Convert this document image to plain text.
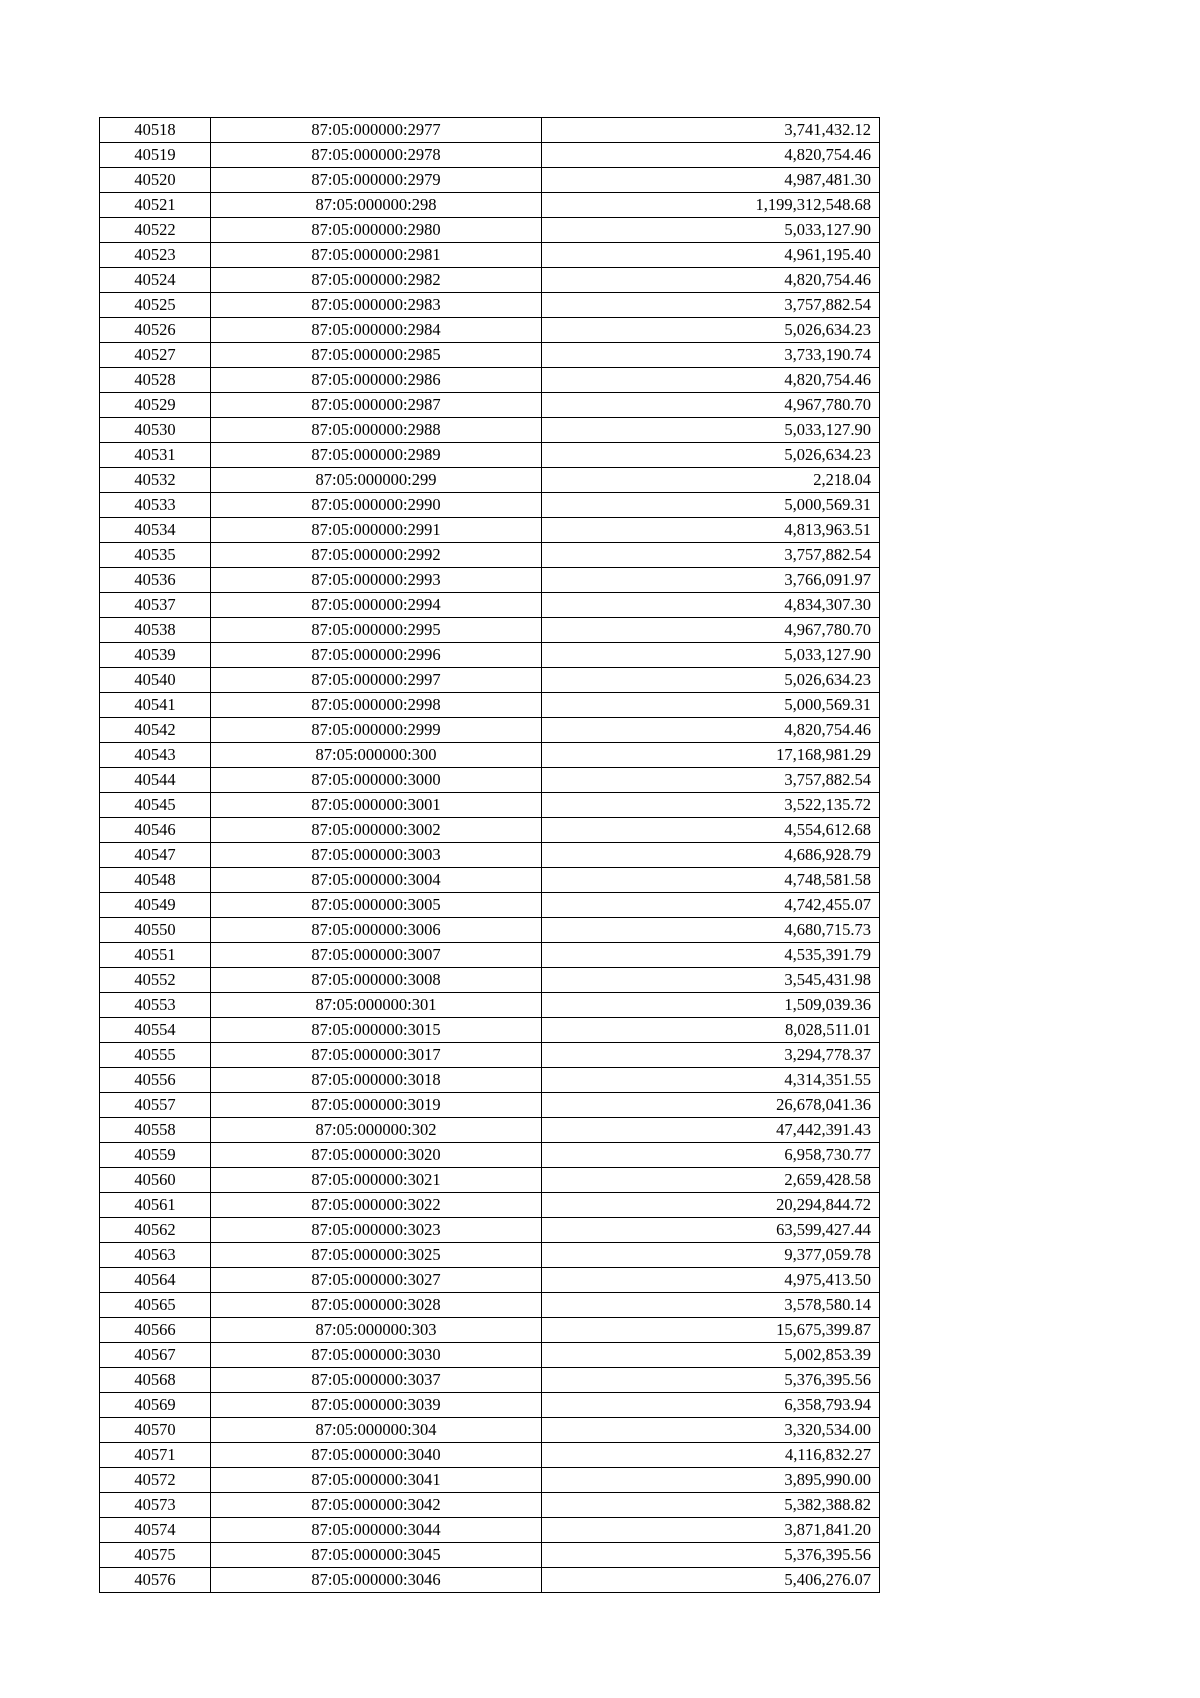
40518	87:05:000000:2977	3,741,432.12
40519	87:05:000000:2978	4,820,754.46
40520	87:05:000000:2979	4,987,481.30
40521	87:05:000000:298	1,199,312,548.68
40522	87:05:000000:2980	5,033,127.90
40523	87:05:000000:2981	4,961,195.40
40524	87:05:000000:2982	4,820,754.46
40525	87:05:000000:2983	3,757,882.54
40526	87:05:000000:2984	5,026,634.23
40527	87:05:000000:2985	3,733,190.74
40528	87:05:000000:2986	4,820,754.46
40529	87:05:000000:2987	4,967,780.70
40530	87:05:000000:2988	5,033,127.90
40531	87:05:000000:2989	5,026,634.23
40532	87:05:000000:299	2,218.04
40533	87:05:000000:2990	5,000,569.31
40534	87:05:000000:2991	4,813,963.51
40535	87:05:000000:2992	3,757,882.54
40536	87:05:000000:2993	3,766,091.97
40537	87:05:000000:2994	4,834,307.30
40538	87:05:000000:2995	4,967,780.70
40539	87:05:000000:2996	5,033,127.90
40540	87:05:000000:2997	5,026,634.23
40541	87:05:000000:2998	5,000,569.31
40542	87:05:000000:2999	4,820,754.46
40543	87:05:000000:300	17,168,981.29
40544	87:05:000000:3000	3,757,882.54
40545	87:05:000000:3001	3,522,135.72
40546	87:05:000000:3002	4,554,612.68
40547	87:05:000000:3003	4,686,928.79
40548	87:05:000000:3004	4,748,581.58
40549	87:05:000000:3005	4,742,455.07
40550	87:05:000000:3006	4,680,715.73
40551	87:05:000000:3007	4,535,391.79
40552	87:05:000000:3008	3,545,431.98
40553	87:05:000000:301	1,509,039.36
40554	87:05:000000:3015	8,028,511.01
40555	87:05:000000:3017	3,294,778.37
40556	87:05:000000:3018	4,314,351.55
40557	87:05:000000:3019	26,678,041.36
40558	87:05:000000:302	47,442,391.43
40559	87:05:000000:3020	6,958,730.77
40560	87:05:000000:3021	2,659,428.58
40561	87:05:000000:3022	20,294,844.72
40562	87:05:000000:3023	63,599,427.44
40563	87:05:000000:3025	9,377,059.78
40564	87:05:000000:3027	4,975,413.50
40565	87:05:000000:3028	3,578,580.14
40566	87:05:000000:303	15,675,399.87
40567	87:05:000000:3030	5,002,853.39
40568	87:05:000000:3037	5,376,395.56
40569	87:05:000000:3039	6,358,793.94
40570	87:05:000000:304	3,320,534.00
40571	87:05:000000:3040	4,116,832.27
40572	87:05:000000:3041	3,895,990.00
40573	87:05:000000:3042	5,382,388.82
40574	87:05:000000:3044	3,871,841.20
40575	87:05:000000:3045	5,376,395.56
40576	87:05:000000:3046	5,406,276.07
